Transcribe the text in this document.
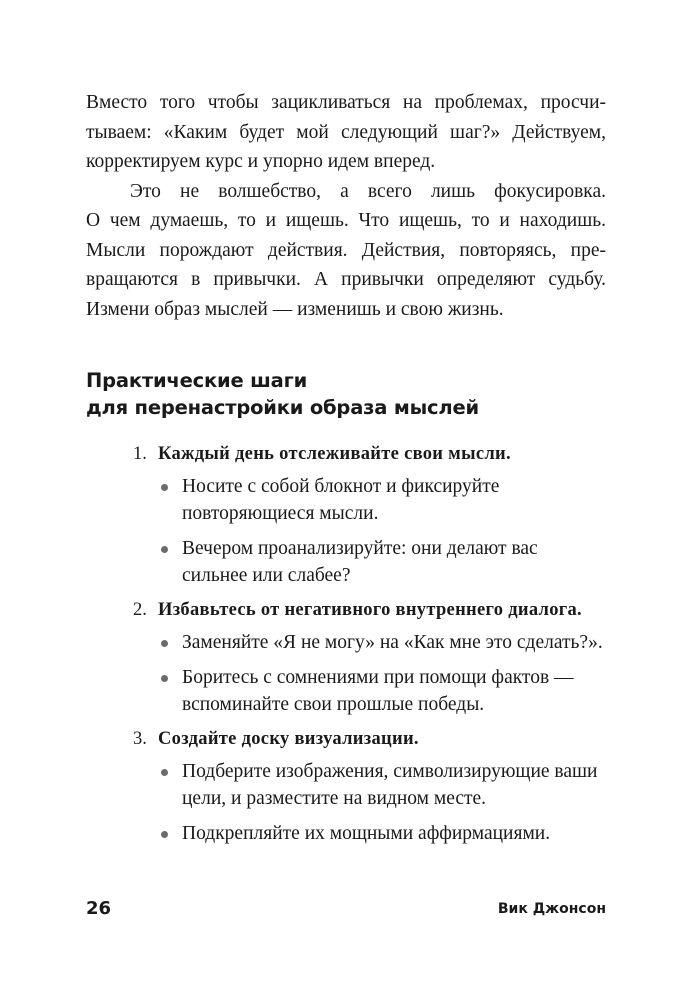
Вместо того чтобы зацикливаться на проблемах, просчи-
тываем: «Каким будет мой следующий шаг?» Действуем,
корректируем курс и упорно идем вперед.

Это не волшебство, а всего лишь фокусировка.
О чем думаешь, то и ищешь. Что ищешь, то и находишь.
Мысли порождают действия. Действия, повторяясь, пре-
вращаются в привычки. А привычки определяют судьбу.
Измени образ мыслей — изменишь и свою жизнь.

Практические шаги
для перенастройки образа мыслей
1. Каждый день отслеживайте свои мысли.
Носите с собой блокнот и фиксируйте повторяющиеся мысли.
Вечером проанализируйте: они делают вас сильнее или слабее?
2. Избавьтесь от негативного внутреннего диалога.
Заменяйте «Я не могу» на «Как мне это сделать?».
Боритесь с сомнениями при помощи фактов — вспоминайте свои прошлые победы.
3. Создайте доску визуализации.
Подберите изображения, символизирующие ваши цели, и разместите на видном месте.
Подкрепляйте их мощными аффирмациями.
26	Вик Джонсон
